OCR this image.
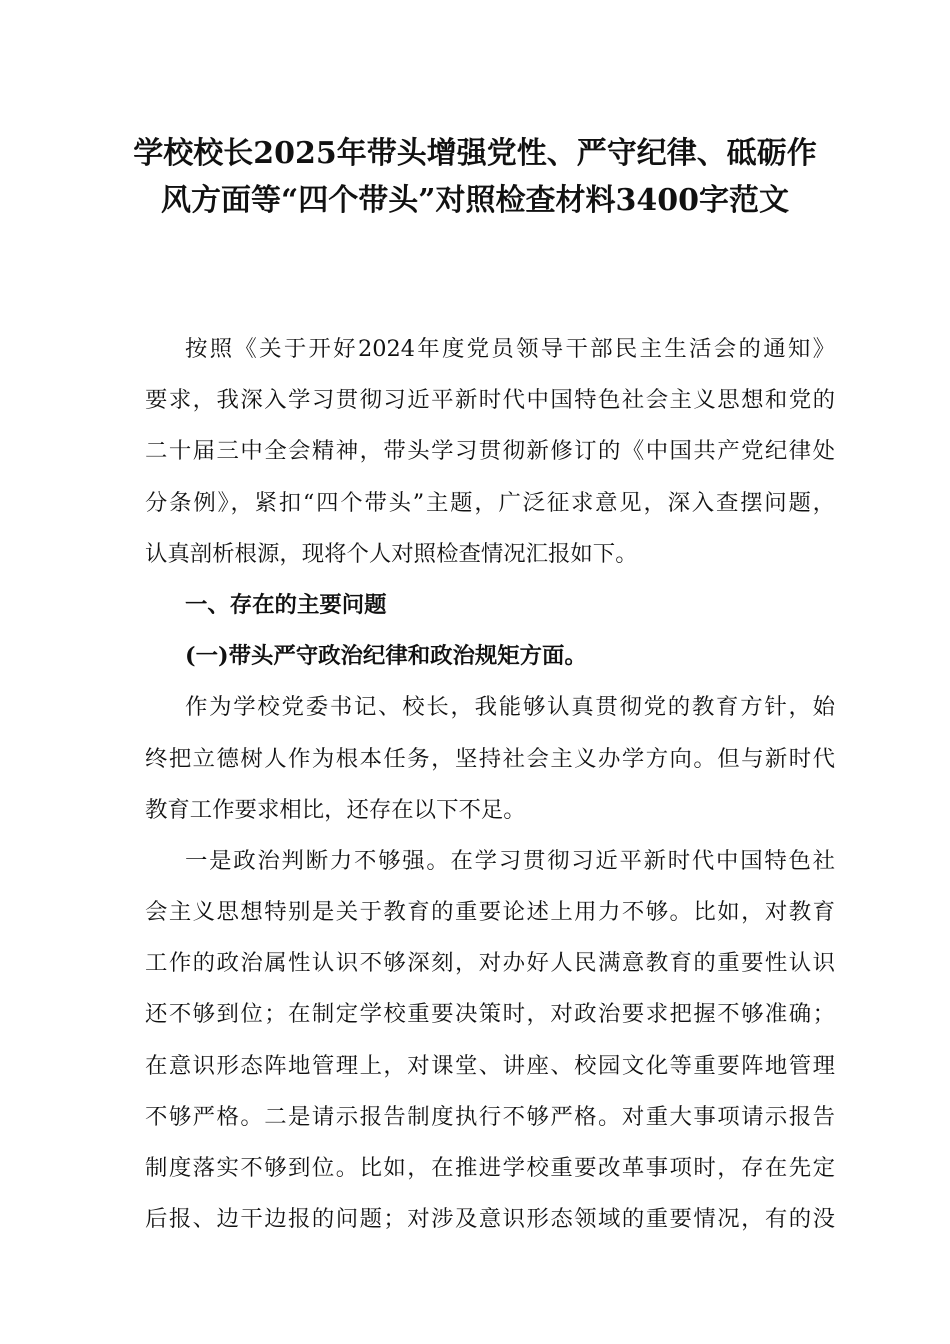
学校校长2025年带头增强党性、严守纪律、砥砺作
风方面等“四个带头”对照检查材料3400字范文
按照《关于开好2024年度党员领导干部民主生活会的通知》
要求，我深入学习贯彻习近平新时代中国特色社会主义思想和党的
二十届三中全会精神，带头学习贯彻新修订的《中国共产党纪律处
分条例》，紧扣“四个带头”主题，广泛征求意见，深入查摆问题，
认真剖析根源，现将个人对照检查情况汇报如下。
一、存在的主要问题
(一)带头严守政治纪律和政治规矩方面。
作为学校党委书记、校长，我能够认真贯彻党的教育方针，始
终把立德树人作为根本任务，坚持社会主义办学方向。但与新时代
教育工作要求相比，还存在以下不足。
一是政治判断力不够强。在学习贯彻习近平新时代中国特色社
会主义思想特别是关于教育的重要论述上用力不够。比如，对教育
工作的政治属性认识不够深刻，对办好人民满意教育的重要性认识
还不够到位；在制定学校重要决策时，对政治要求把握不够准确；
在意识形态阵地管理上，对课堂、讲座、校园文化等重要阵地管理
不够严格。二是请示报告制度执行不够严格。对重大事项请示报告
制度落实不够到位。比如，在推进学校重要改革事项时，存在先定
后报、边干边报的问题；对涉及意识形态领域的重要情况，有的没
